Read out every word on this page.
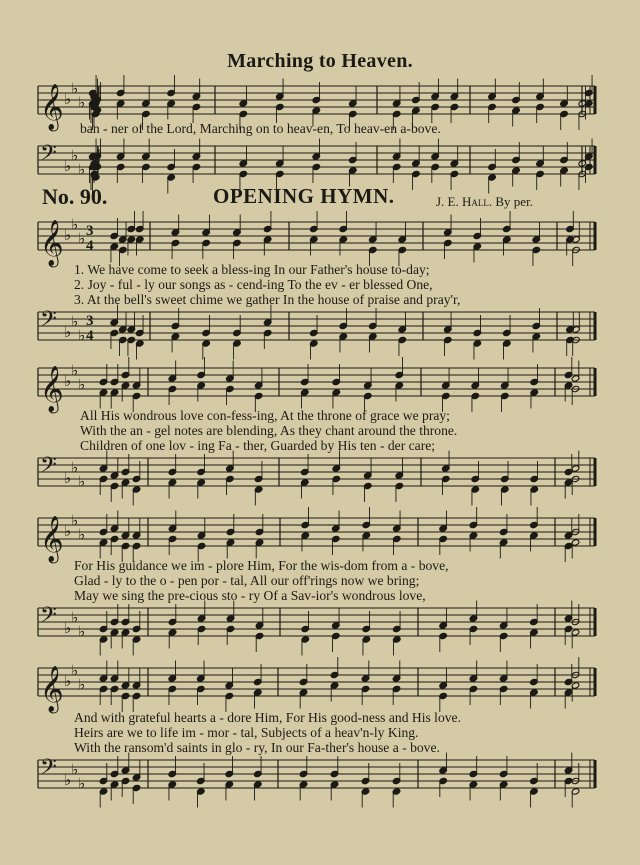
Marching to Heaven.
𝄞 ♭
♭
♭
ban - ner of the Lord, Marching on to heav-en, To heav-en a-bove.
𝄢 ♭
♭
♭
No. 90.	OPENING HYMN.	J. E. Hall. By per.
𝄞 ♭
♭
♭ 3
4
1. We have come to seek a bless-ing In our Father's house to-day;
2. Joy - ful - ly our songs as - cend-ing To the ev - er blessed One,
3. At the bell's sweet chime we gather In the house of praise and pray'r,
𝄢 ♭
♭
♭
3
4
𝄞 ♭
♭
♭
All His wondrous love con-fess-ing, At the throne of grace we pray;
With the an - gel notes are blending, As they chant around the throne.
Children of one lov - ing Fa - ther, Guarded by His ten - der care;
𝄢 ♭
♭
♭
𝄞 ♭
♭
♭
For His guidance we im - plore Him, For the wis-dom from a - bove,
Glad - ly to the o - pen por - tal, All our off'rings now we bring;
May we sing the pre-cious sto - ry Of a Sav-ior's wondrous love,
𝄢 ♭
♭
♭
𝄞 ♭
♭
♭
And with grateful hearts a - dore Him, For His good-ness and His love.
Heirs are we to life im - mor - tal, Subjects of a heav'n-ly King.
With the ransom'd saints in glo - ry, In our Fa-ther's house a - bove.
𝄢 ♭
♭
♭
